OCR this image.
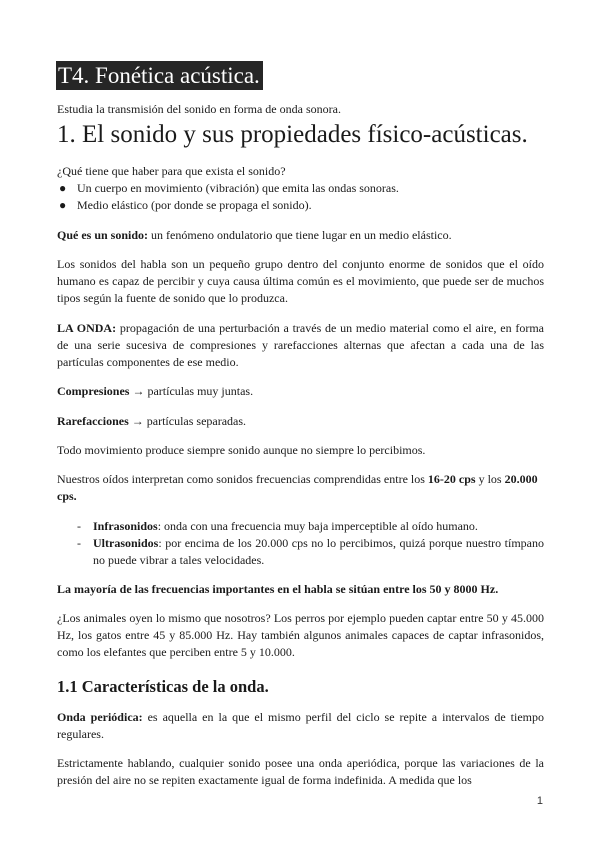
T4. Fonética acústica.

Estudia la transmisión del sonido en forma de onda sonora.

1. El sonido y sus propiedades físico-acústicas.

¿Qué tiene que haber para que exista el sonido?

● Un cuerpo en movimiento (vibración) que emita las ondas sonoras.
● Medio elástico (por donde se propaga el sonido).

Qué es un sonido: un fenómeno ondulatorio que tiene lugar en un medio elástico.

Los sonidos del habla son un pequeño grupo dentro del conjunto enorme de sonidos que el oído humano es capaz de percibir y cuya causa última común es el movimiento, que puede ser de muchos tipos según la fuente de sonido que lo produzca.

LA ONDA: propagación de una perturbación a través de un medio material como el aire, en forma de una serie sucesiva de compresiones y rarefacciones alternas que afectan a cada una de las partículas componentes de ese medio.

Compresiones → partículas muy juntas.

Rarefacciones → partículas separadas.

Todo movimiento produce siempre sonido aunque no siempre lo percibimos.

Nuestros oídos interpretan como sonidos frecuencias comprendidas entre los 16-20 cps y los 20.000 cps.

-	Infrasonidos: onda con una frecuencia muy baja imperceptible al oído humano.
-	Ultrasonidos: por encima de los 20.000 cps no lo percibimos, quizá porque nuestro tímpano no puede vibrar a tales velocidades.

La mayoría de las frecuencias importantes en el habla se sitúan entre los 50 y 8000 Hz.

¿Los animales oyen lo mismo que nosotros? Los perros por ejemplo pueden captar entre 50 y 45.000 Hz, los gatos entre 45 y 85.000 Hz. Hay también algunos animales capaces de captar infrasonidos, como los elefantes que perciben entre 5 y 10.000.

1.1 Características de la onda.

Onda periódica: es aquella en la que el mismo perfil del ciclo se repite a intervalos de tiempo regulares.

Estrictamente hablando, cualquier sonido posee una onda aperiódica, porque las variaciones de la presión del aire no se repiten exactamente igual de forma indefinida. A medida que los

1
